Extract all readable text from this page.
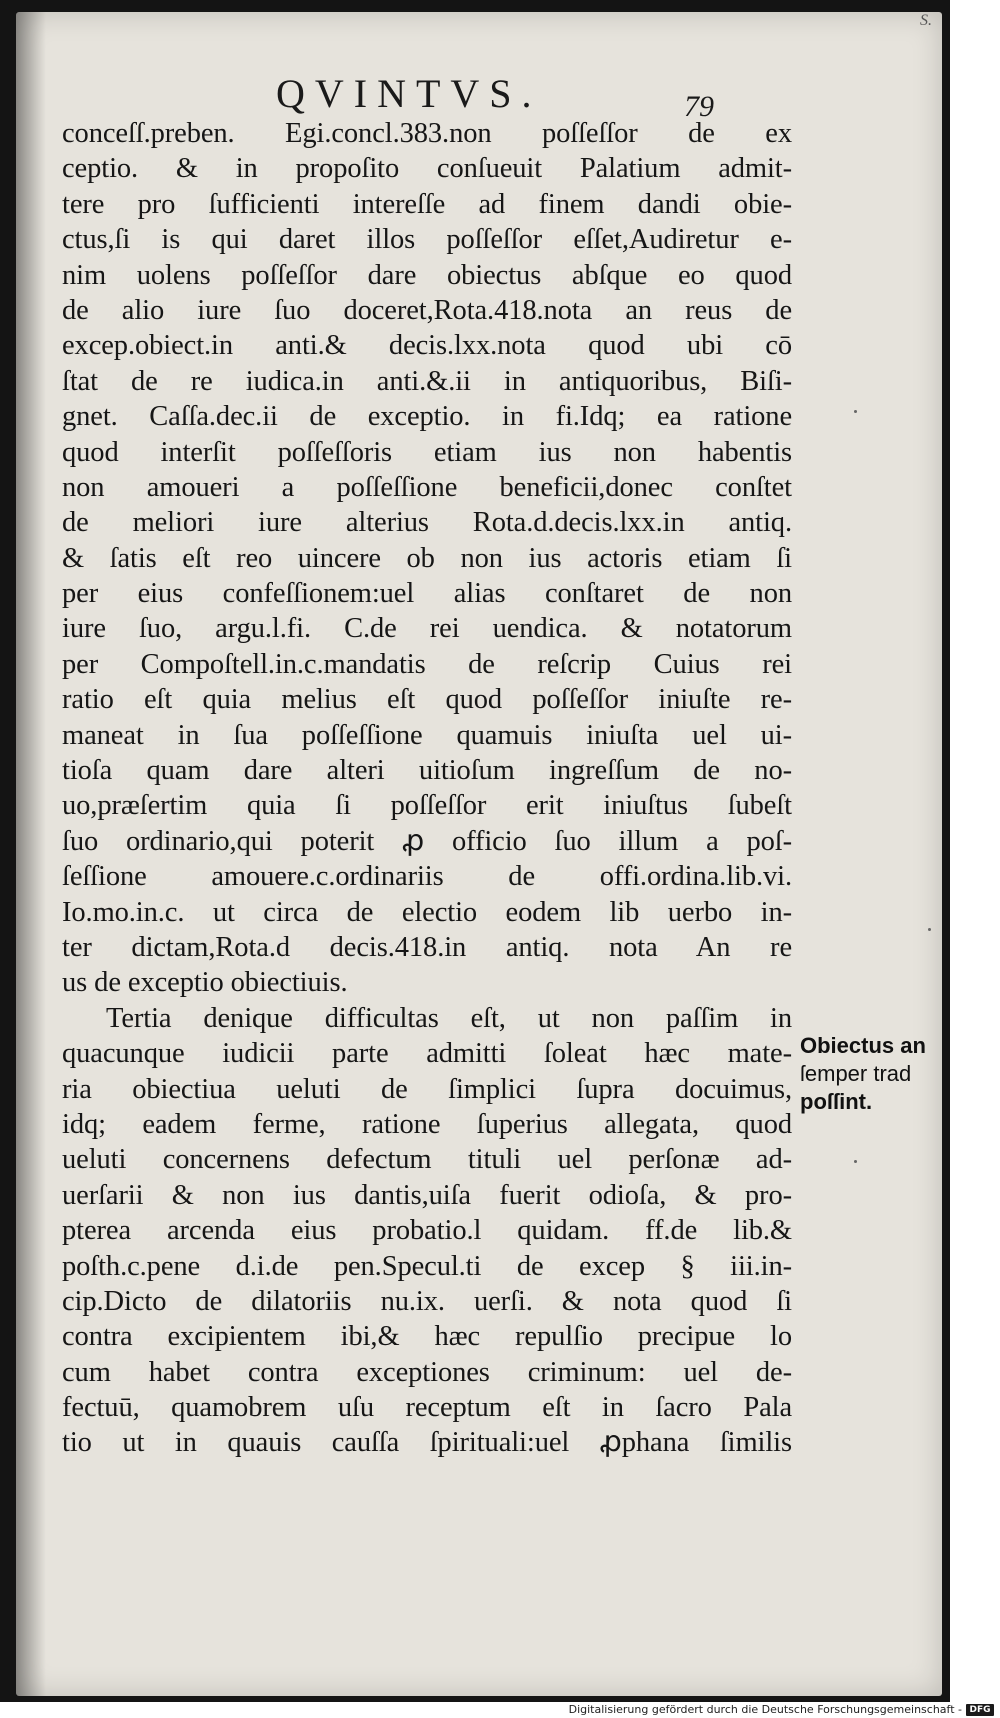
S.
QVINTVS.	79
conceſſ.preben. Egi.concl.383.non poſſeſſor de ex
ceptio. & in propoſito conſueuit Palatium admit-
tere pro ſufficienti intereſſe ad finem dandi obie-
ctus,ſi is qui daret illos poſſeſſor eſſet,Audiretur e-
nim uolens poſſeſſor dare obiectus abſque eo quod
de alio iure ſuo doceret,Rota.418.nota an reus de
excep.obiect.in anti.& decis.lxx.nota quod ubi cō
ſtat de re iudica.in anti.&.ii in antiquoribus, Biſi-
gnet. Caſſa.dec.ii de exceptio. in fi.Idq; ea ratione
quod interſit poſſeſſoris etiam ius non habentis
non amoueri a poſſeſſione beneficii,donec conſtet
de meliori iure alterius Rota.d.decis.lxx.in antiq.
& ſatis eſt reo uincere ob non ius actoris etiam ſi
per eius confeſſionem:uel alias conſtaret de non
iure ſuo, argu.l.fi. C.de rei uendica. & notatorum
per Compoſtell.in.c.mandatis de reſcrip Cuius rei
ratio eſt quia melius eſt quod poſſeſſor iniuſte re-
maneat in ſua poſſeſſione quamuis iniuſta uel ui-
tioſa quam dare alteri uitioſum ingreſſum de no-
uo,præſertim quia ſi poſſeſſor erit iniuſtus ſubeſt
ſuo ordinario,qui poterit ꝓ officio ſuo illum a poſ-
ſeſſione amouere.c.ordinariis de offi.ordina.lib.vi.
Io.mo.in.c. ut circa de electio eodem lib uerbo in-
ter dictam,Rota.d decis.418.in antiq. nota An re
us de exceptio obiectiuis.
Tertia denique difficultas eſt, ut non paſſim in
quacunque iudicii parte admitti ſoleat hæc mate-
ria obiectiua ueluti de ſimplici ſupra docuimus,
idq; eadem ferme, ratione ſuperius allegata, quod
ueluti concernens defectum tituli uel perſonæ ad-
uerſarii & non ius dantis,uiſa fuerit odioſa, & pro-
pterea arcenda eius probatio.l quidam. ff.de lib.&
poſth.c.pene d.i.de pen.Specul.ti de excep § iii.in-
cip.Dicto de dilatoriis nu.ix. uerſi. & nota quod ſi
contra excipientem ibi,& hæc repulſio precipue lo
cum habet contra exceptiones criminum: uel de-
fectuū, quamobrem uſu receptum eſt in ſacro Pala
tio ut in quauis cauſſa ſpirituali:uel ꝓphana ſimilis
Obiectus an
ſemper trad
poſſint.
Digitalisierung gefördert durch die Deutsche Forschungsgemeinschaft - DFG
